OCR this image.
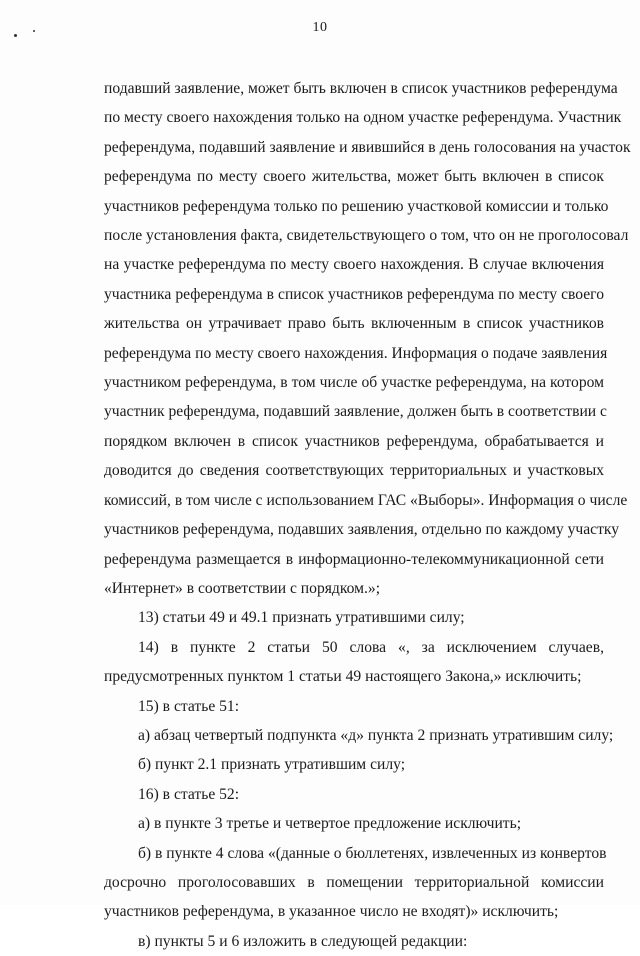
10
подавший заявление, может быть включен в список участников референдума
по месту своего нахождения только на одном участке референдума. Участник
референдума, подавший заявление и явившийся в день голосования на участок
референдума по месту своего жительства, может быть включен в список
участников референдума только по решению участковой комиссии и только
после установления факта, свидетельствующего о том, что он не проголосовал
на участке референдума по месту своего нахождения. В случае включения
участника референдума в список участников референдума по месту своего
жительства он утрачивает право быть включенным в список участников
референдума по месту своего нахождения. Информация о подаче заявления
участником референдума, в том числе об участке референдума, на котором
участник референдума, подавший заявление, должен быть в соответствии с
порядком включен в список участников референдума, обрабатывается и
доводится до сведения соответствующих территориальных и участковых
комиссий, в том числе с использованием ГАС «Выборы». Информация о числе
участников референдума, подавших заявления, отдельно по каждому участку
референдума размещается в информационно-телекоммуникационной сети
«Интернет» в соответствии с порядком.»;
13) статьи 49 и 49.1 признать утратившими силу;
14) в пункте 2 статьи 50 слова «, за исключением случаев,
предусмотренных пунктом 1 статьи 49 настоящего Закона,» исключить;
15) в статье 51:
а) абзац четвертый подпункта «д» пункта 2 признать утратившим силу;
б) пункт 2.1 признать утратившим силу;
16) в статье 52:
а) в пункте 3 третье и четвертое предложение исключить;
б) в пункте 4 слова «(данные о бюллетенях, извлеченных из конвертов
досрочно проголосовавших в помещении территориальной комиссии
участников референдума, в указанное число не входят)» исключить;
в) пункты 5 и 6 изложить в следующей редакции:
